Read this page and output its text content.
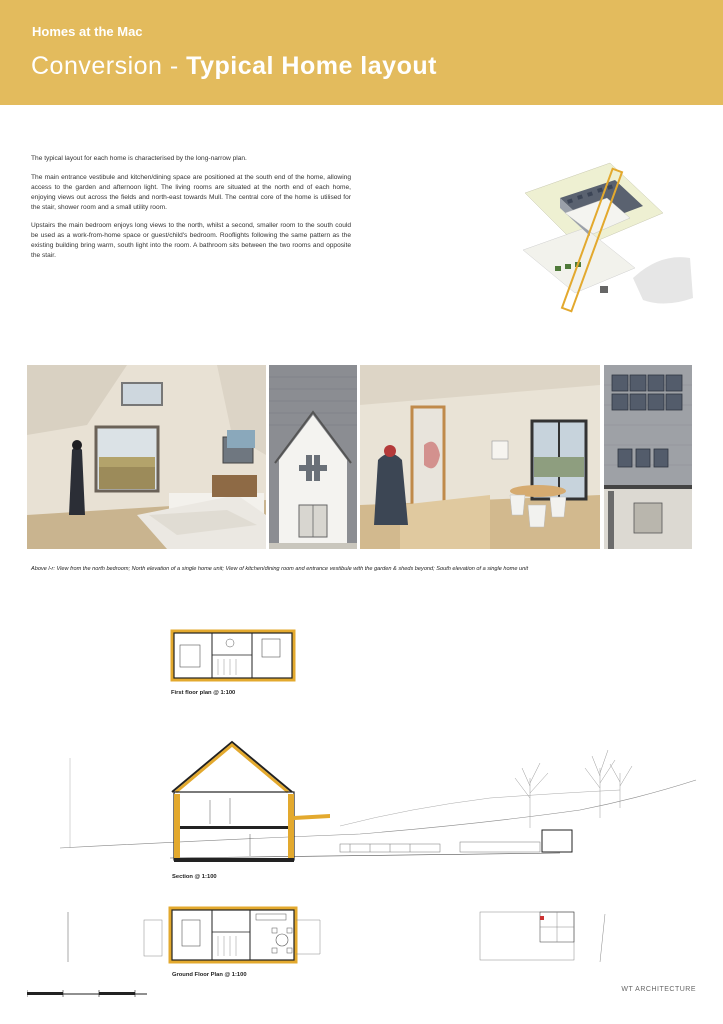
Homes at the Mac
Conversion - Typical Home layout

The typical layout for each home is characterised by the long-narrow plan.

The main entrance vestibule and kitchen/dining space are positioned at the south end of the home, allowing access to the garden and afternoon light. The living rooms are situated at the north end of each home, enjoying views out across the fields and north-east towards Mull. The central core of the home is utilised for the stair, shower room and a small utility room.

Upstairs the main bedroom enjoys long views to the north, whilst a second, smaller room to the south could be used as a work-from-home space or guest/child's bedroom. Rooflights following the same pattern as the existing building bring warm, south light into the room. A bathroom sits between the two rooms and opposite the stair.

Above l-r: View from the north bedroom; North elevation of a single home unit; View of kitchen/dining room and entrance vestibule with the garden & sheds beyond; South elevation of a single home unit
First floor plan @ 1:100
Section @ 1:100
Ground Floor Plan @ 1:100
WT ARCHITECTURE
